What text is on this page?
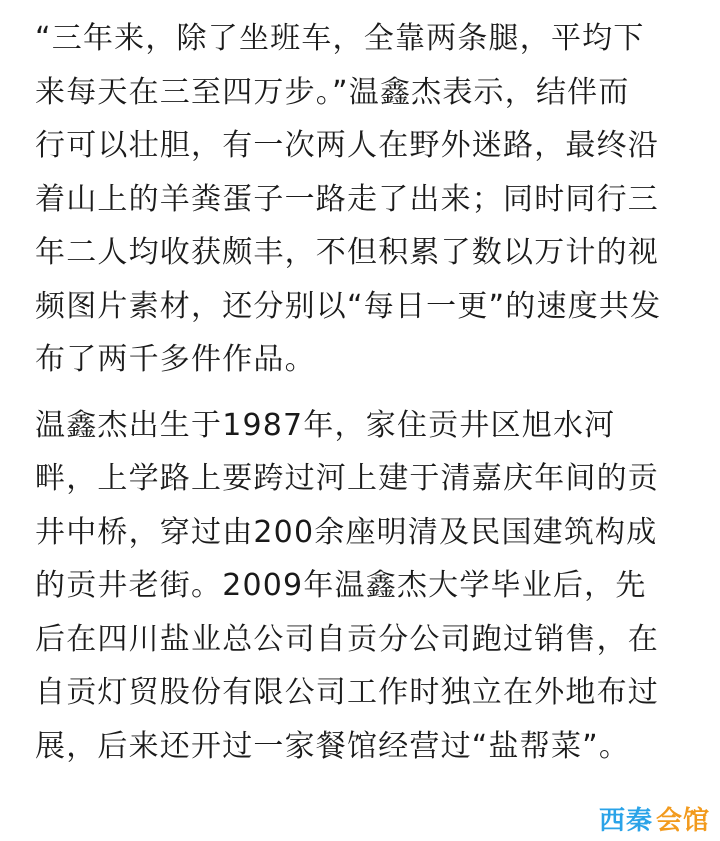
“三年来，除了坐班车，全靠两条腿，平均下
来每天在三至四万步。”温鑫杰表示，结伴而
行可以壮胆，有一次两人在野外迷路，最终沿
着山上的羊粪蛋子一路走了出来；同时同行三
年二人均收获颇丰，不但积累了数以万计的视
频图片素材，还分别以“每日一更”的速度共发
布了两千多件作品。

温鑫杰出生于1987年，家住贡井区旭水河
畔，上学路上要跨过河上建于清嘉庆年间的贡
井中桥，穿过由200余座明清及民国建筑构成
的贡井老街。2009年温鑫杰大学毕业后，先
后在四川盐业总公司自贡分公司跑过销售，在
自贡灯贸股份有限公司工作时独立在外地布过
展，后来还开过一家餐馆经营过“盐帮菜”。

西秦 会馆
